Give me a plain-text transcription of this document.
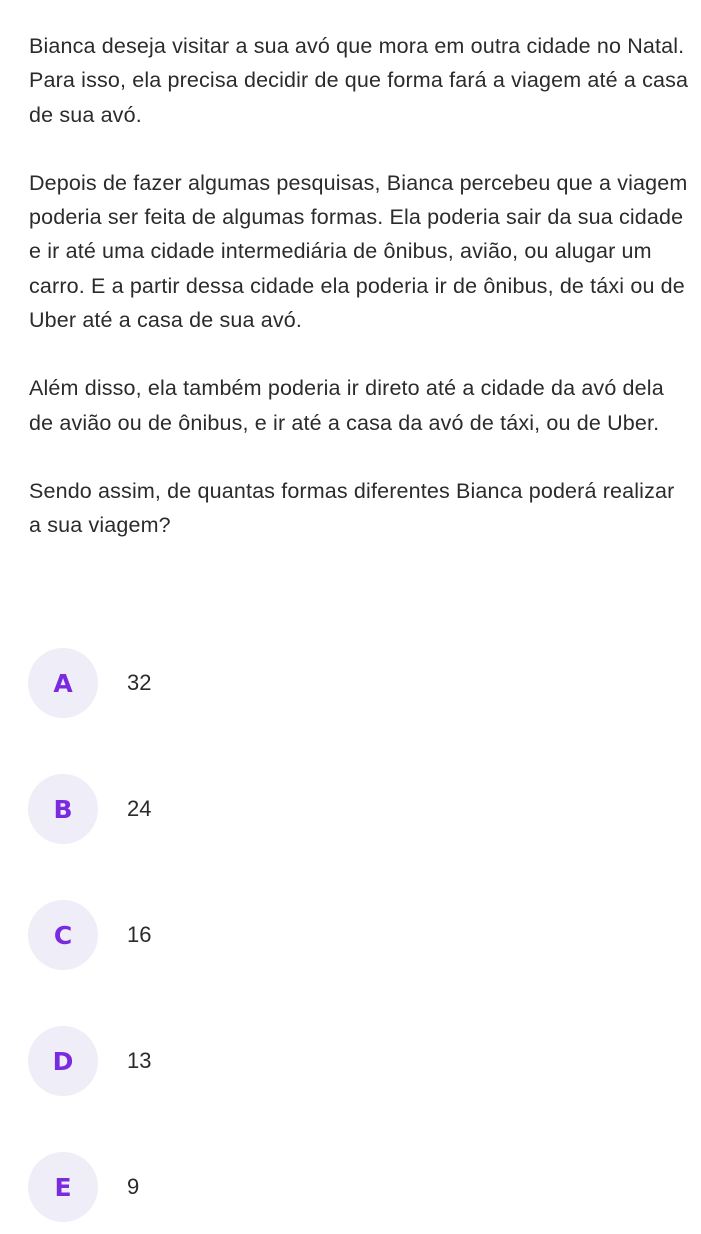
Bianca deseja visitar a sua avó que mora em outra cidade no Natal. Para isso, ela precisa decidir de que forma fará a viagem até a casa de sua avó.

Depois de fazer algumas pesquisas, Bianca percebeu que a viagem poderia ser feita de algumas formas. Ela poderia sair da sua cidade e ir até uma cidade intermediária de ônibus, avião, ou alugar um carro. E a partir dessa cidade ela poderia ir de ônibus, de táxi ou de Uber até a casa de sua avó.

Além disso, ela também poderia ir direto até a cidade da avó dela de avião ou de ônibus, e ir até a casa da avó de táxi, ou de Uber.

Sendo assim, de quantas formas diferentes Bianca poderá realizar a sua viagem?

A 32
B 24
C 16
D 13
E	9
